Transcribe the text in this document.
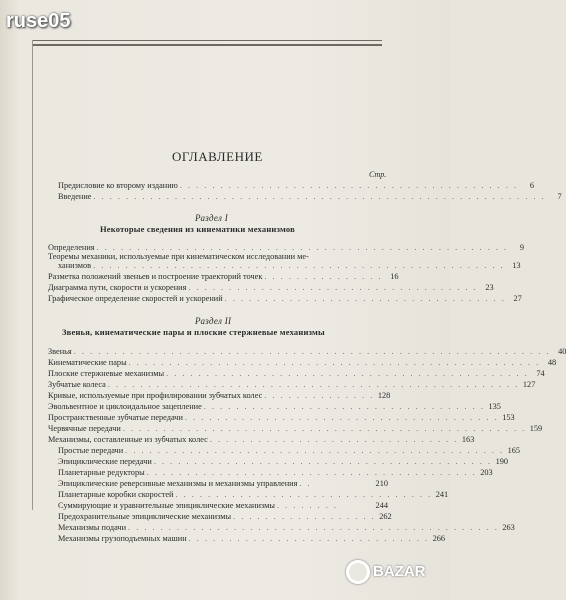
ruse05
ОГЛАВЛЕНИЕ
Стр.
Предисловие ко второму изданию . . . . . . . . . . . . . . . . . . . . . . . . . . . . . . . . . . . . . . . . . .	6
Введение . . . . . . . . . . . . . . . . . . . . . . . . . . . . . . . . . . . . . . . . . . . . . . . . . . . . . . . .	7
Раздел I
Некоторые сведения из кинематики механизмов
Определения . . . . . . . . . . . . . . . . . . . . . . . . . . . . . . . . . . . . . . . . . . . . . . . . . . .	9
Теоремы механики, используемые при кинематическом исследовании ме-
ханизмов . . . . . . . . . . . . . . . . . . . . . . . . . . . . . . . . . . . . . . . . . . . . . . . . . . . 13
Разметка положений звеньев и построение траекторий точек . . . . . . . . . . . . . . . 16
Диаграмма пути, скорости и ускорения . . . . . . . . . . . . . . . . . . . . . . . . . . . . . . . . . . . . 23
Графическое определение скоростей и ускорений . . . . . . . . . . . . . . . . . . . . . . . . . . . . . . . . . . . 27
Раздел II
Звенья, кинематические пары и плоские стержневые механизмы
Звенья . . . . . . . . . . . . . . . . . . . . . . . . . . . . . . . . . . . . . . . . . . . . . . . . . . . . . . . . . . . 40
Кинематические пары . . . . . . . . . . . . . . . . . . . . . . . . . . . . . . . . . . . . . . . . . . . . . . . . . . . 48
Плоские стержневые механизмы . . . . . . . . . . . . . . . . . . . . . . . . . . . . . . . . . . . . . . . . . . . . . 74
Зубчатые колеса . . . . . . . . . . . . . . . . . . . . . . . . . . . . . . . . . . . . . . . . . . . . . . . . . . . 127
Кривые, используемые при профилировании зубчатых колес . . . . . . . . . . . . . . 128
Эвольвентное и циклоидальное зацепление . . . . . . . . . . . . . . . . . . . . . . . . . . . . . . . . . . . 135
Пространственные зубчатые передачи . . . . . . . . . . . . . . . . . . . . . . . . . . . . . . . . . . . . . . . 153
Червячные передачи . . . . . . . . . . . . . . . . . . . . . . . . . . . . . . . . . . . . . . . . . . . . . . . . . . 159
Механизмы, составленные из зубчатых колес . . . . . . . . . . . . . . . . . . . . . . . . . . . . . . . 163
Простые передачи . . . . . . . . . . . . . . . . . . . . . . . . . . . . . . . . . . . . . . . . . . . . . . . 165
Эпициклические передачи . . . . . . . . . . . . . . . . . . . . . . . . . . . . . . . . . . . . . . . . . . 190
Планетарные редукторы . . . . . . . . . . . . . . . . . . . . . . . . . . . . . . . . . . . . . . . . . 203
Эпициклические реверсивные механизмы и механизмы управления . .	210
Планетарные коробки скоростей . . . . . . . . . . . . . . . . . . . . . . . . . . . . . . . . 241
Суммирующие и уравнительные эпициклические механизмы . . . . . . . .	244
Предохранительные эпициклические механизмы . . . . . . . . . . . . . . . . . . 262
Механизмы подачи . . . . . . . . . . . . . . . . . . . . . . . . . . . . . . . . . . . . . . . . . . . . . . 263
Механизмы грузоподъемных машин . . . . . . . . . . . . . . . . . . . . . . . . . . . . . . 266
BAZAR
